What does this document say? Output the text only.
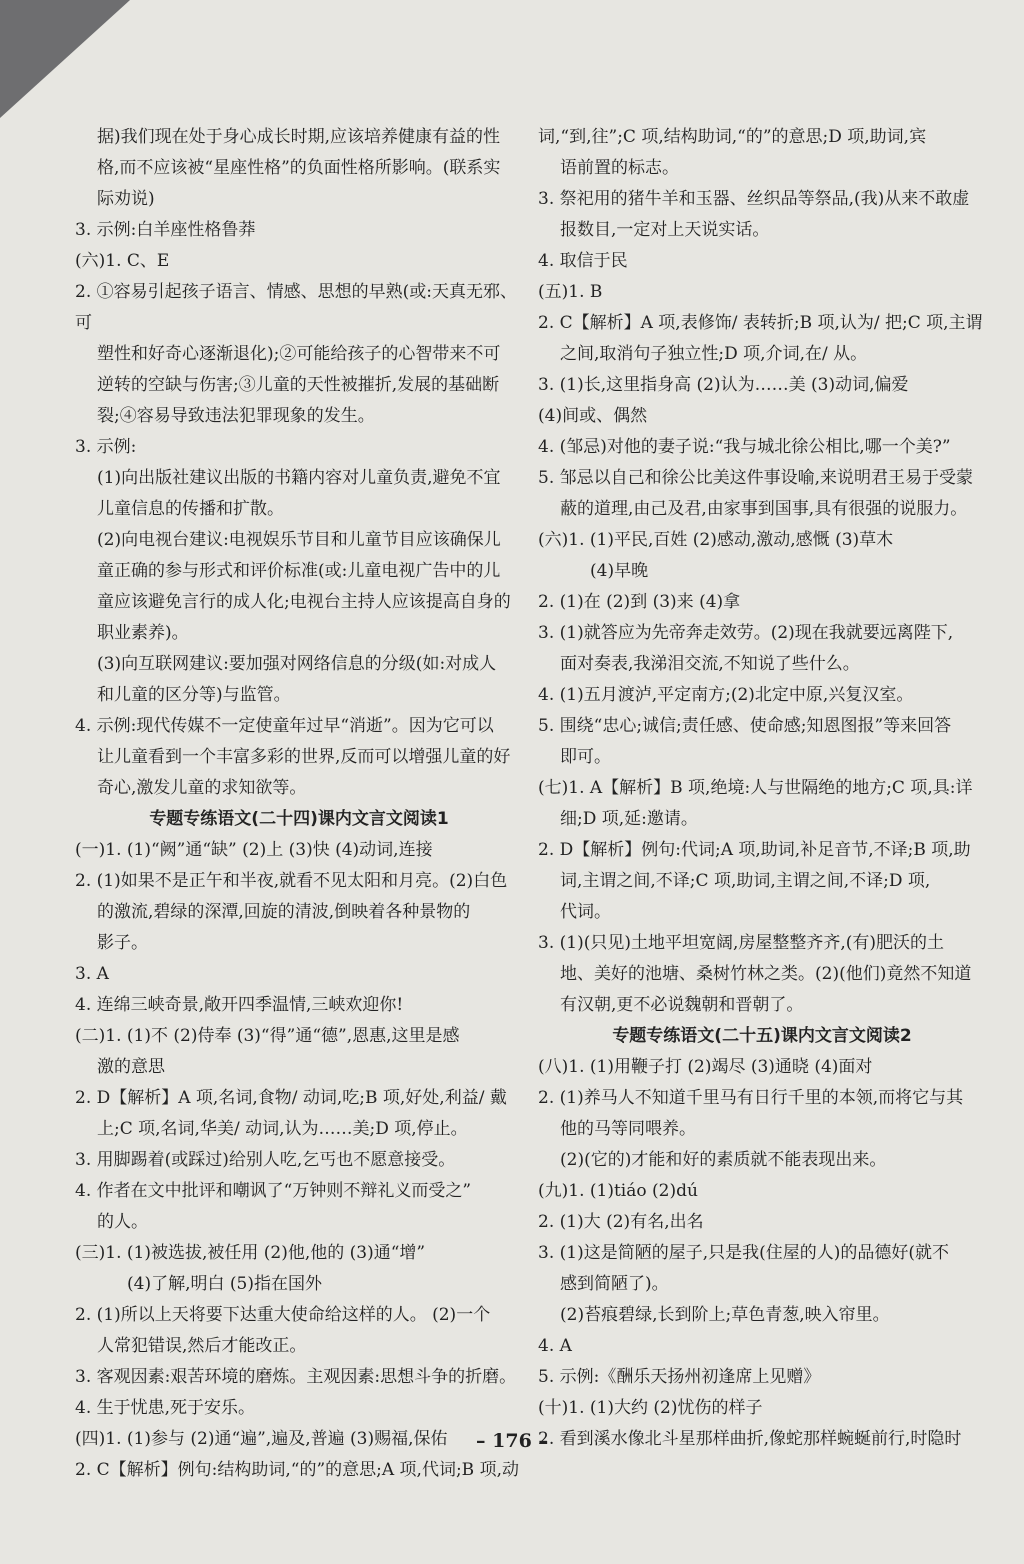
据)我们现在处于身心成长时期,应该培养健康有益的性

格,而不应该被“星座性格”的负面性格所影响。(联系实

际劝说)

3. 示例:白羊座性格鲁莽

(六)1. C、E

2. ①容易引起孩子语言、情感、思想的早熟(或:天真无邪、可

塑性和好奇心逐渐退化);②可能给孩子的心智带来不可

逆转的空缺与伤害;③儿童的天性被摧折,发展的基础断

裂;④容易导致违法犯罪现象的发生。

3. 示例:

(1)向出版社建议出版的书籍内容对儿童负责,避免不宜

儿童信息的传播和扩散。

(2)向电视台建议:电视娱乐节目和儿童节目应该确保儿

童正确的参与形式和评价标准(或:儿童电视广告中的儿

童应该避免言行的成人化;电视台主持人应该提高自身的

职业素养)。

(3)向互联网建议:要加强对网络信息的分级(如:对成人

和儿童的区分等)与监管。

4. 示例:现代传媒不一定使童年过早“消逝”。因为它可以

让儿童看到一个丰富多彩的世界,反而可以增强儿童的好

奇心,激发儿童的求知欲等。

专题专练语文(二十四)课内文言文阅读1

(一)1. (1)“阙”通“缺” (2)上 (3)快 (4)动词,连接

2. (1)如果不是正午和半夜,就看不见太阳和月亮。(2)白色

的激流,碧绿的深潭,回旋的清波,倒映着各种景物的

影子。

3. A

4. 连绵三峡奇景,敞开四季温情,三峡欢迎你!

(二)1. (1)不 (2)侍奉 (3)“得”通“德”,恩惠,这里是感

激的意思

2. D【解析】A 项,名词,食物/ 动词,吃;B 项,好处,利益/ 戴

上;C 项,名词,华美/ 动词,认为……美;D 项,停止。

3. 用脚踢着(或踩过)给别人吃,乞丐也不愿意接受。

4. 作者在文中批评和嘲讽了“万钟则不辩礼义而受之”

的人。

(三)1. (1)被选拔,被任用 (2)他,他的 (3)通“增”

(4)了解,明白 (5)指在国外

2. (1)所以上天将要下达重大使命给这样的人。 (2)一个

人常犯错误,然后才能改正。

3. 客观因素:艰苦环境的磨炼。主观因素:思想斗争的折磨。

4. 生于忧患,死于安乐。

(四)1. (1)参与 (2)通“遍”,遍及,普遍 (3)赐福,保佑

2. C【解析】例句:结构助词,“的”的意思;A 项,代词;B 项,动

词,“到,往”;C 项,结构助词,“的”的意思;D 项,助词,宾

语前置的标志。

3. 祭祀用的猪牛羊和玉器、丝织品等祭品,(我)从来不敢虚

报数目,一定对上天说实话。

4. 取信于民

(五)1. B

2. C【解析】A 项,表修饰/ 表转折;B 项,认为/ 把;C 项,主谓

之间,取消句子独立性;D 项,介词,在/ 从。

3. (1)长,这里指身高 (2)认为……美 (3)动词,偏爱

(4)间或、偶然

4. (邹忌)对他的妻子说:“我与城北徐公相比,哪一个美?”

5. 邹忌以自己和徐公比美这件事设喻,来说明君王易于受蒙

蔽的道理,由己及君,由家事到国事,具有很强的说服力。

(六)1. (1)平民,百姓 (2)感动,激动,感慨 (3)草木

(4)早晚

2. (1)在 (2)到 (3)来 (4)拿

3. (1)就答应为先帝奔走效劳。(2)现在我就要远离陛下,

面对奏表,我涕泪交流,不知说了些什么。

4. (1)五月渡泸,平定南方;(2)北定中原,兴复汉室。

5. 围绕“忠心;诚信;责任感、使命感;知恩图报”等来回答

即可。

(七)1. A【解析】B 项,绝境:人与世隔绝的地方;C 项,具:详

细;D 项,延:邀请。

2. D【解析】例句:代词;A 项,助词,补足音节,不译;B 项,助

词,主谓之间,不译;C 项,助词,主谓之间,不译;D 项,

代词。

3. (1)(只见)土地平坦宽阔,房屋整整齐齐,(有)肥沃的土

地、美好的池塘、桑树竹林之类。(2)(他们)竟然不知道

有汉朝,更不必说魏朝和晋朝了。

专题专练语文(二十五)课内文言文阅读2

(八)1. (1)用鞭子打 (2)竭尽 (3)通晓 (4)面对

2. (1)养马人不知道千里马有日行千里的本领,而将它与其

他的马等同喂养。

(2)(它的)才能和好的素质就不能表现出来。

(九)1. (1)tiáo (2)dú

2. (1)大 (2)有名,出名

3. (1)这是简陋的屋子,只是我(住屋的人)的品德好(就不

感到简陋了)。

(2)苔痕碧绿,长到阶上;草色青葱,映入帘里。

4. A

5. 示例:《酬乐天扬州初逢席上见赠》

(十)1. (1)大约 (2)忧伤的样子

2. 看到溪水像北斗星那样曲折,像蛇那样蜿蜒前行,时隐时

– 176 –
